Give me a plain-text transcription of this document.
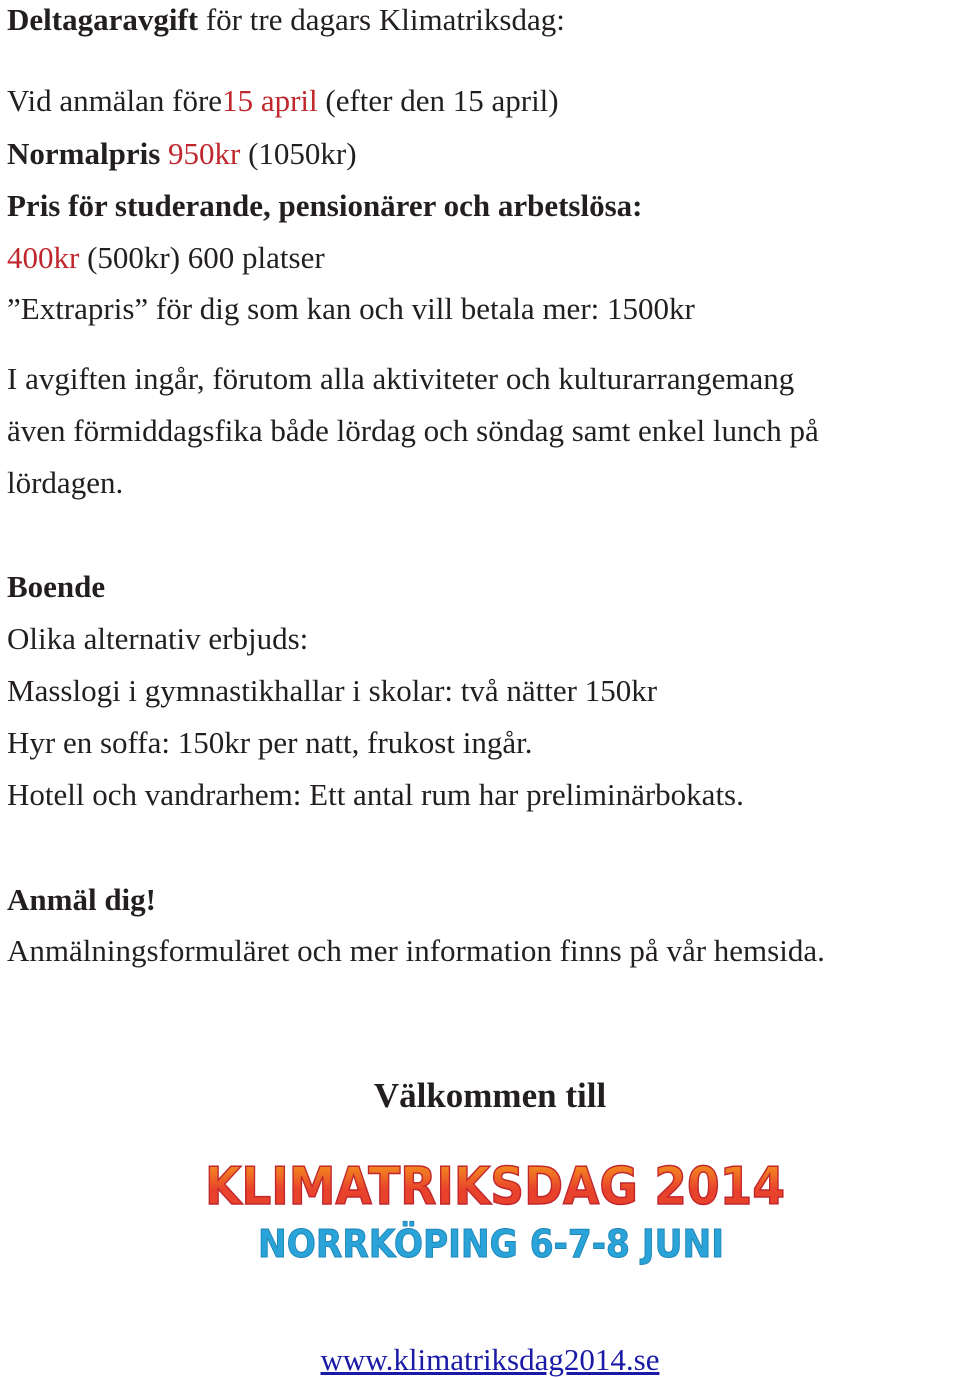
Deltagaravgift för tre dagars Klimatriksdag:
Vid anmälan före15 april (efter den 15 april)
Normalpris 950kr (1050kr)
Pris för studerande, pensionärer och arbetslösa:
400kr (500kr) 600 platser
”Extrapris” för dig som kan och vill betala mer: 1500kr
I avgiften ingår, förutom alla aktiviteter och kulturarrangemang
även förmiddagsfika både lördag och söndag samt enkel lunch på
lördagen.
Boende
Olika alternativ erbjuds:
Masslogi i gymnastikhallar i skolar: två nätter 150kr
Hyr en soffa: 150kr per natt, frukost ingår.
Hotell och vandrarhem: Ett antal rum har preliminärbokats.
Anmäl dig!
Anmälningsformuläret och mer information finns på vår hemsida.
Välkommen till
KLIMATRIKSDAG 2014
NORRKÖPING 6-7-8 JUNI
www.klimatriksdag2014.se
